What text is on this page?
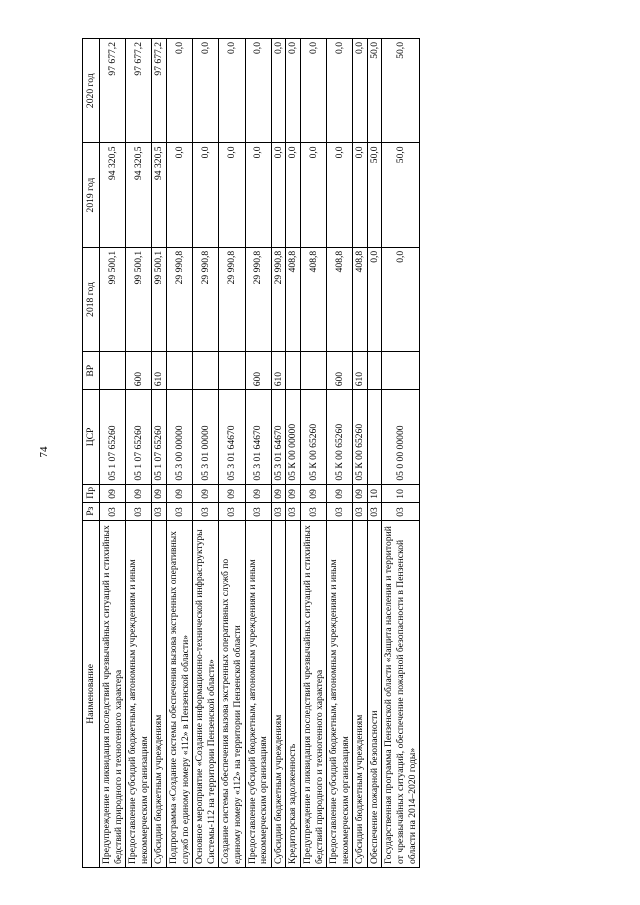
74
Наименование	Рз	Пр	ЦСР	ВР	2018 год	2019 год	2020 год
Предупреждение и ликвидация последствий чрезвычайных ситуаций и стихийных бедствий природного и техногенного характера	03	09	05 1 07 65260		99 500,1	94 320,5	97 677,2
Предоставление субсидий бюджетным, автономным учреждениям и иным некоммерческим организациям	03	09	05 1 07 65260	600	99 500,1	94 320,5	97 677,2
Субсидии бюджетным учреждениям	03	09	05 1 07 65260	610	99 500,1	94 320,5	97 677,2
Подпрограмма «Создание системы обеспечения вызова экстренных оперативных служб по единому номеру «112» в Пензенской области»	03	09	05 3 00 00000		29 990,8	0,0	0,0
Основное мероприятие «Создание информационно-технической инфраструктуры Системы-112 на территории Пензенской области»	03	09	05 3 01 00000		29 990,8	0,0	0,0
Создание системы обеспечения вызова экстренных оперативных служб по единому номеру «112» на территории Пензенской области	03	09	05 3 01 64670		29 990,8	0,0	0,0
Предоставление субсидий бюджетным, автономным учреждениям и иным некоммерческим организациям	03	09	05 3 01 64670	600	29 990,8	0,0	0,0
Субсидии бюджетным учреждениям	03	09	05 3 01 64670	610	29 990,8	0,0	0,0
Кредиторская задолженность	03	09	05 К 00 00000		408,8	0,0	0,0
Предупреждение и ликвидация последствий чрезвычайных ситуаций и стихийных бедствий природного и техногенного характера	03	09	05 К 00 65260		408,8	0,0	0,0
Предоставление субсидий бюджетным, автономным учреждениям и иным некоммерческим организациям	03	09	05 К 00 65260	600	408,8	0,0	0,0
Субсидии бюджетным учреждениям	03	09	05 К 00 65260	610	408,8	0,0	0,0
Обеспечение пожарной безопасности	03	10			0,0	50,0	50,0
Государственная программа Пензенской области «Защита населения и территорий от чрезвычайных ситуаций, обеспечение пожарной безопасности в Пензенской области на 2014–2020 годы»	03	10	05 0 00 00000		0,0	50,0	50,0
